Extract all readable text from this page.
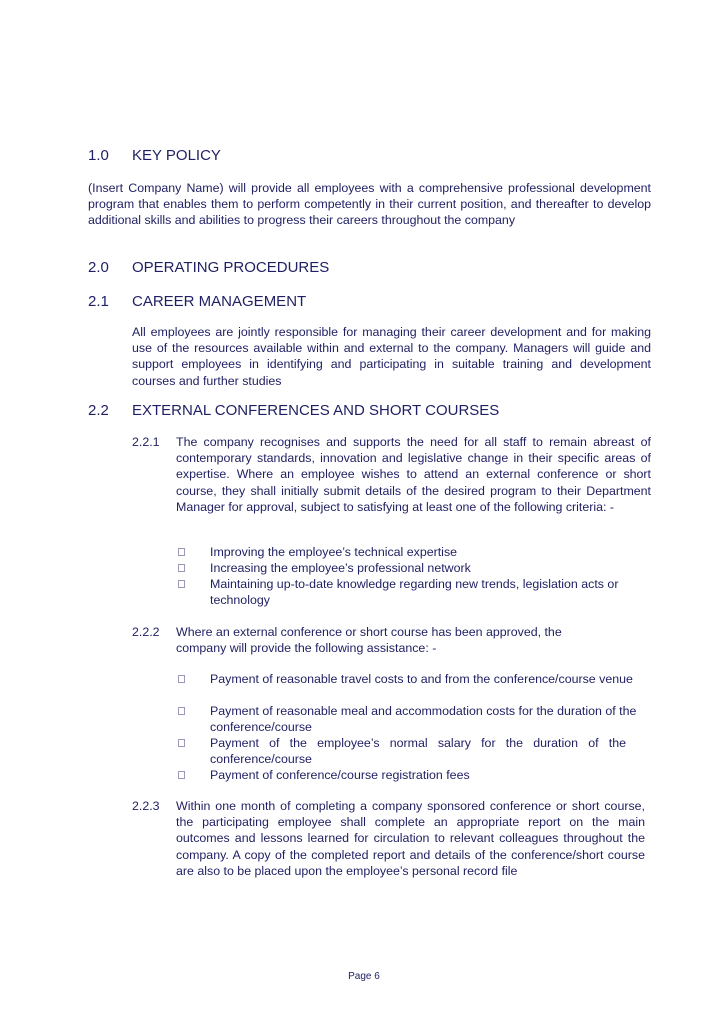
1.0 KEY POLICY

(Insert Company Name) will provide all employees with a comprehensive professional development program that enables them to perform competently in their current position, and thereafter to develop additional skills and abilities to progress their careers throughout the company

2.0 OPERATING PROCEDURES
2.1 CAREER MANAGEMENT

All employees are jointly responsible for managing their career development and for making use of the resources available within and external to the company. Managers will guide and support employees in identifying and participating in suitable training and development courses and further studies

2.2 EXTERNAL CONFERENCES AND SHORT COURSES
2.2.1 The company recognises and supports the need for all staff to remain abreast of contemporary standards, innovation and legislative change in their specific areas of expertise. Where an employee wishes to attend an external conference or short course, they shall initially submit details of the desired program to their Department Manager for approval, subject to satisfying at least one of the following criteria: -

Improving the employee’s technical expertise
Increasing the employee’s professional network
Maintaining up-to-date knowledge regarding new trends, legislation acts or technology
2.2.2 Where an external conference or short course has been approved, the company will provide the following assistance: -

Payment of reasonable travel costs to and from the conference/course venue
Payment of reasonable meal and accommodation costs for the duration of the conference/course
Payment of the employee’s normal salary for the duration of the conference/course
Payment of conference/course registration fees
2.2.3 Within one month of completing a company sponsored conference or short course, the participating employee shall complete an appropriate report on the main outcomes and lessons learned for circulation to relevant colleagues throughout the company. A copy of the completed report and details of the conference/short course are also to be placed upon the employee’s personal record file

Page 6
